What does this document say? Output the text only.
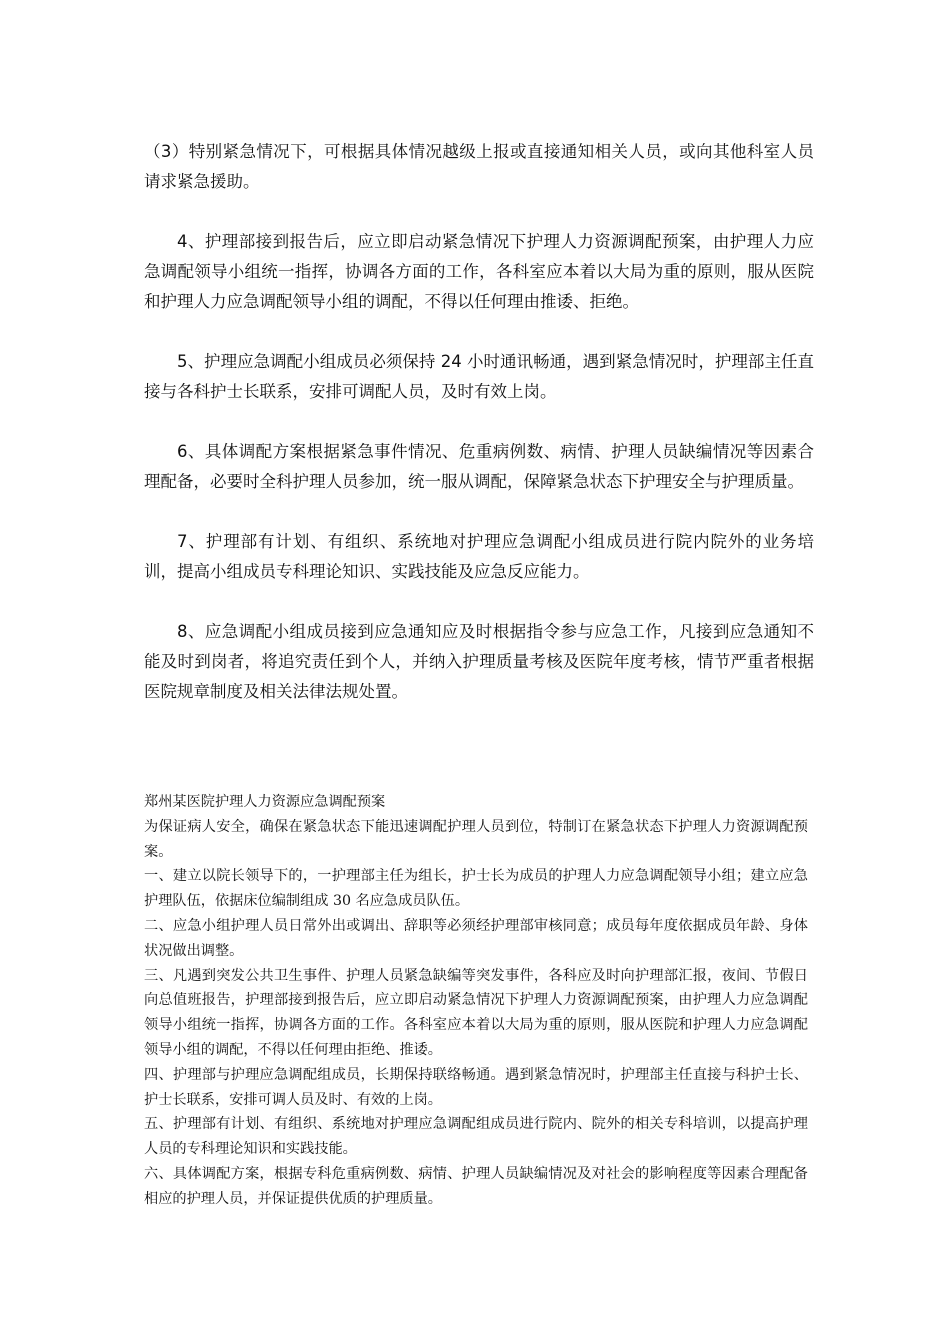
（3）特别紧急情况下，可根据具体情况越级上报或直接通知相关人员，或向其他科室人员请求紧急援助。

4、护理部接到报告后，应立即启动紧急情况下护理人力资源调配预案，由护理人力应急调配领导小组统一指挥，协调各方面的工作，各科室应本着以大局为重的原则，服从医院和护理人力应急调配领导小组的调配，不得以任何理由推诿、拒绝。

5、护理应急调配小组成员必须保持 24 小时通讯畅通，遇到紧急情况时，护理部主任直接与各科护士长联系，安排可调配人员，及时有效上岗。

6、具体调配方案根据紧急事件情况、危重病例数、病情、护理人员缺编情况等因素合理配备，必要时全科护理人员参加，统一服从调配，保障紧急状态下护理安全与护理质量。

7、护理部有计划、有组织、系统地对护理应急调配小组成员进行院内院外的业务培训，提高小组成员专科理论知识、实践技能及应急反应能力。

8、应急调配小组成员接到应急通知应及时根据指令参与应急工作，凡接到应急通知不能及时到岗者，将追究责任到个人，并纳入护理质量考核及医院年度考核，情节严重者根据医院规章制度及相关法律法规处置。

郑州某医院护理人力资源应急调配预案

为保证病人安全，确保在紧急状态下能迅速调配护理人员到位，特制订在紧急状态下护理人力资源调配预案。

一、建立以院长领导下的，一护理部主任为组长，护士长为成员的护理人力应急调配领导小组；建立应急护理队伍，依据床位编制组成 30 名应急成员队伍。

二、应急小组护理人员日常外出或调出、辞职等必须经护理部审核同意；成员每年度依据成员年龄、身体状况做出调整。

三、凡遇到突发公共卫生事件、护理人员紧急缺编等突发事件，各科应及时向护理部汇报，夜间、节假日向总值班报告，护理部接到报告后，应立即启动紧急情况下护理人力资源调配预案，由护理人力应急调配领导小组统一指挥，协调各方面的工作。各科室应本着以大局为重的原则，服从医院和护理人力应急调配领导小组的调配，不得以任何理由拒绝、推诿。

四、护理部与护理应急调配组成员，长期保持联络畅通。遇到紧急情况时，护理部主任直接与科护士长、护士长联系，安排可调人员及时、有效的上岗。

五、护理部有计划、有组织、系统地对护理应急调配组成员进行院内、院外的相关专科培训，以提高护理人员的专科理论知识和实践技能。

六、具体调配方案，根据专科危重病例数、病情、护理人员缺编情况及对社会的影响程度等因素合理配备相应的护理人员，并保证提供优质的护理质量。
